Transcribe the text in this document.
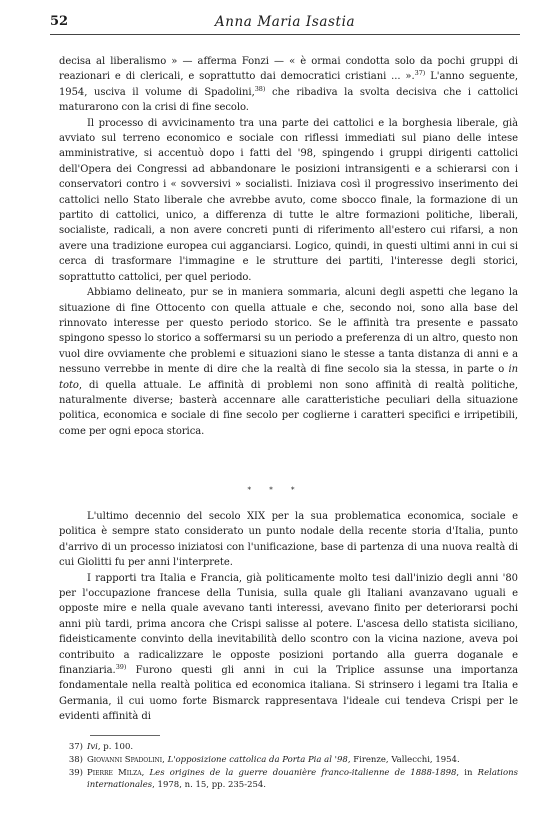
52	Anna Maria Isastia

decisa al liberalismo » — afferma Fonzi — « è ormai condotta solo da pochi gruppi di reazionari e di clericali, e soprattutto dai democratici cristiani ... ».$^{37)}$ L'anno seguente, 1954, usciva il volume di Spadolini,$^{38)}$ che ribadiva la svolta decisiva che i cattolici maturarono con la crisi di fine secolo.

Il processo di avvicinamento tra una parte dei cattolici e la borghesia liberale, già avviato sul terreno economico e sociale con riflessi immediati sul piano delle intese amministrative, si accentuò dopo i fatti del '98, spingendo i gruppi dirigenti cattolici dell'Opera dei Congressi ad abbandonare le posizioni intransigenti e a schierarsi con i conservatori contro i « sovversivi » socialisti. Iniziava così il progressivo inserimento dei cattolici nello Stato liberale che avrebbe avuto, come sbocco finale, la formazione di un partito di cattolici, unico, a differenza di tutte le altre formazioni politiche, liberali, socialiste, radicali, a non avere concreti punti di riferimento all'estero cui rifarsi, a non avere una tradizione europea cui agganciarsi. Logico, quindi, in questi ultimi anni in cui si cerca di trasformare l'immagine e le strutture dei partiti, l'interesse degli storici, soprattutto cattolici, per quel periodo.

Abbiamo delineato, pur se in maniera sommaria, alcuni degli aspetti che legano la situazione di fine Ottocento con quella attuale e che, secondo noi, sono alla base del rinnovato interesse per questo periodo storico. Se le affinità tra presente e passato spingono spesso lo storico a soffermarsi su un periodo a preferenza di un altro, questo non vuol dire ovviamente che problemi e situazioni siano le stesse a tanta distanza di anni e a nessuno verrebbe in mente di dire che la realtà di fine secolo sia la stessa, in parte o in toto, di quella attuale. Le affinità di problemi non sono affinità di realtà politiche, naturalmente diverse; basterà accennare alle caratteristiche peculiari della situazione politica, economica e sociale di fine secolo per coglierne i caratteri specifici e irripetibili, come per ogni epoca storica.

* * *

L'ultimo decennio del secolo XIX per la sua problematica economica, sociale e politica è sempre stato considerato un punto nodale della recente storia d'Italia, punto d'arrivo di un processo iniziatosi con l'unificazione, base di partenza di una nuova realtà di cui Giolitti fu per anni l'interprete.

I rapporti tra Italia e Francia, già politicamente molto tesi dall'inizio degli anni '80 per l'occupazione francese della Tunisia, sulla quale gli Italiani avanzavano uguali e opposte mire e nella quale avevano tanti interessi, avevano finito per deteriorarsi pochi anni più tardi, prima ancora che Crispi salisse al potere. L'ascesa dello statista siciliano, fideisticamente convinto della inevitabilità dello scontro con la vicina nazione, aveva poi contribuito a radicalizzare le opposte posizioni portando alla guerra doganale e finanziaria.$^{39)}$ Furono questi gli anni in cui la Triplice assunse una importanza fondamentale nella realtà politica ed economica italiana. Si strinsero i legami tra Italia e Germania, il cui uomo forte Bismarck rappresentava l'ideale cui tendeva Crispi per le evidenti affinità di

37) Ivi, p. 100.

38) Giovanni Spadolini, L'opposizione cattolica da Porta Pia al '98, Firenze, Vallecchi, 1954.

39) Pierre Milza, Les origines de la guerre douanière franco-italienne de 1888-1898, in Relations internationales, 1978, n. 15, pp. 235-254.
